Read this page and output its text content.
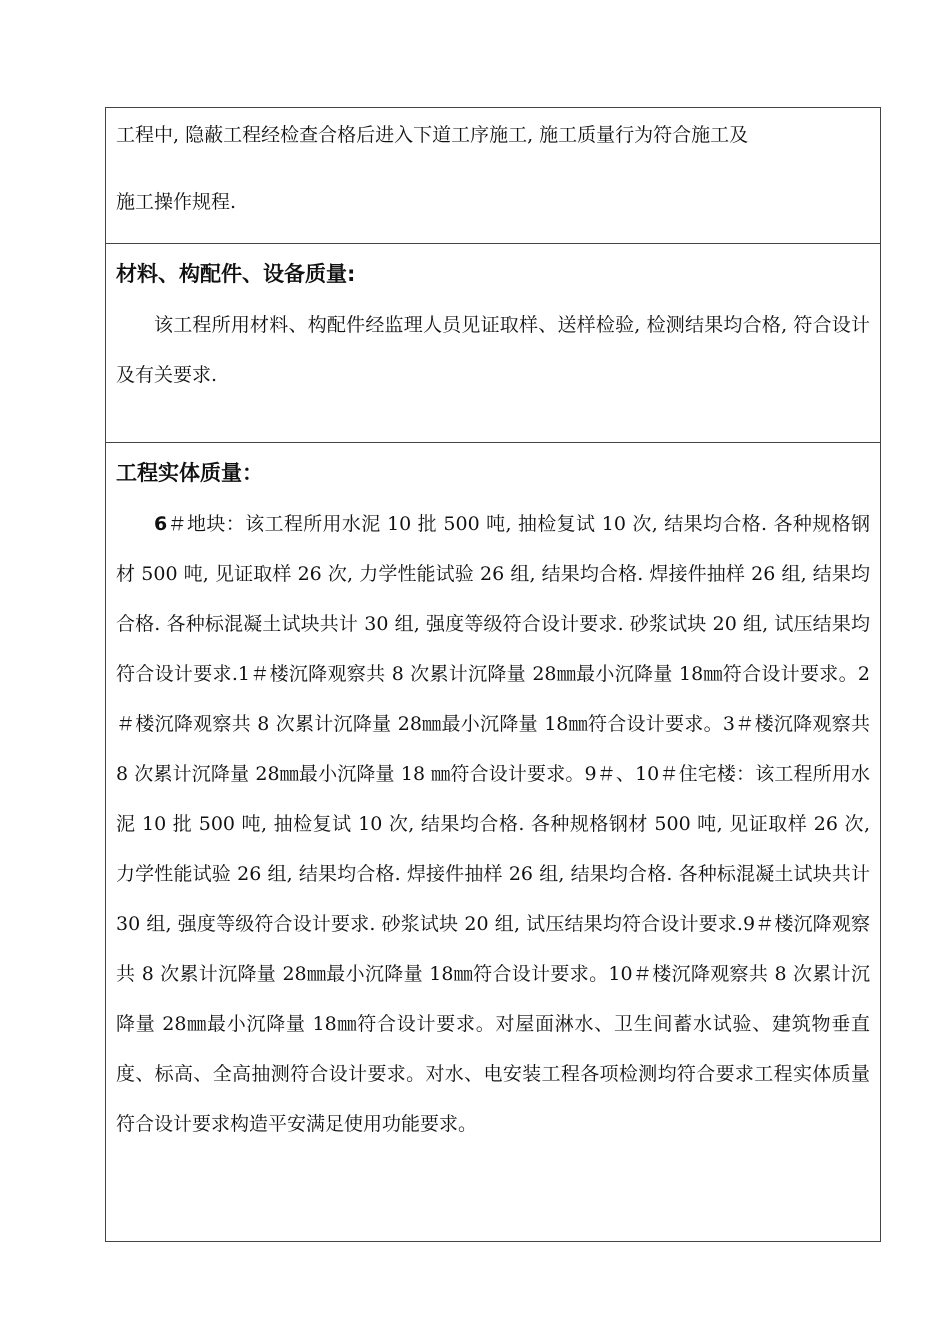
工程中, 隐蔽工程经检查合格后进入下道工序施工, 施工质量行为符合施工及

施工操作规程.

材料、构配件、设备质量:

该工程所用材料、构配件经监理人员见证取样、送样检验, 检测结果均合格, 符合设计及有关要求.

工程实体质量：

6＃地块：该工程所用水泥 10 批 500 吨, 抽检复试 10 次, 结果均合格. 各种规格钢材 500 吨, 见证取样 26 次, 力学性能试验 26 组, 结果均合格. 焊接件抽样 26 组, 结果均合格. 各种标混凝土试块共计 30 组, 强度等级符合设计要求. 砂浆试块 20 组, 试压结果均符合设计要求.1＃楼沉降观察共 8 次累计沉降量 28㎜最小沉降量 18㎜符合设计要求。2＃楼沉降观察共 8 次累计沉降量 28㎜最小沉降量 18㎜符合设计要求。3＃楼沉降观察共 8 次累计沉降量 28㎜最小沉降量 18 ㎜符合设计要求。9＃、10＃住宅楼：该工程所用水泥 10 批 500 吨, 抽检复试 10 次, 结果均合格. 各种规格钢材 500 吨, 见证取样 26 次, 力学性能试验 26 组, 结果均合格. 焊接件抽样 26 组, 结果均合格. 各种标混凝土试块共计 30 组, 强度等级符合设计要求. 砂浆试块 20 组, 试压结果均符合设计要求.9＃楼沉降观察共 8 次累计沉降量 28㎜最小沉降量 18㎜符合设计要求。10＃楼沉降观察共 8 次累计沉降量 28㎜最小沉降量 18㎜符合设计要求。对屋面淋水、卫生间蓄水试验、建筑物垂直度、标高、全高抽测符合设计要求。对水、电安装工程各项检测均符合要求工程实体质量符合设计要求构造平安满足使用功能要求。
